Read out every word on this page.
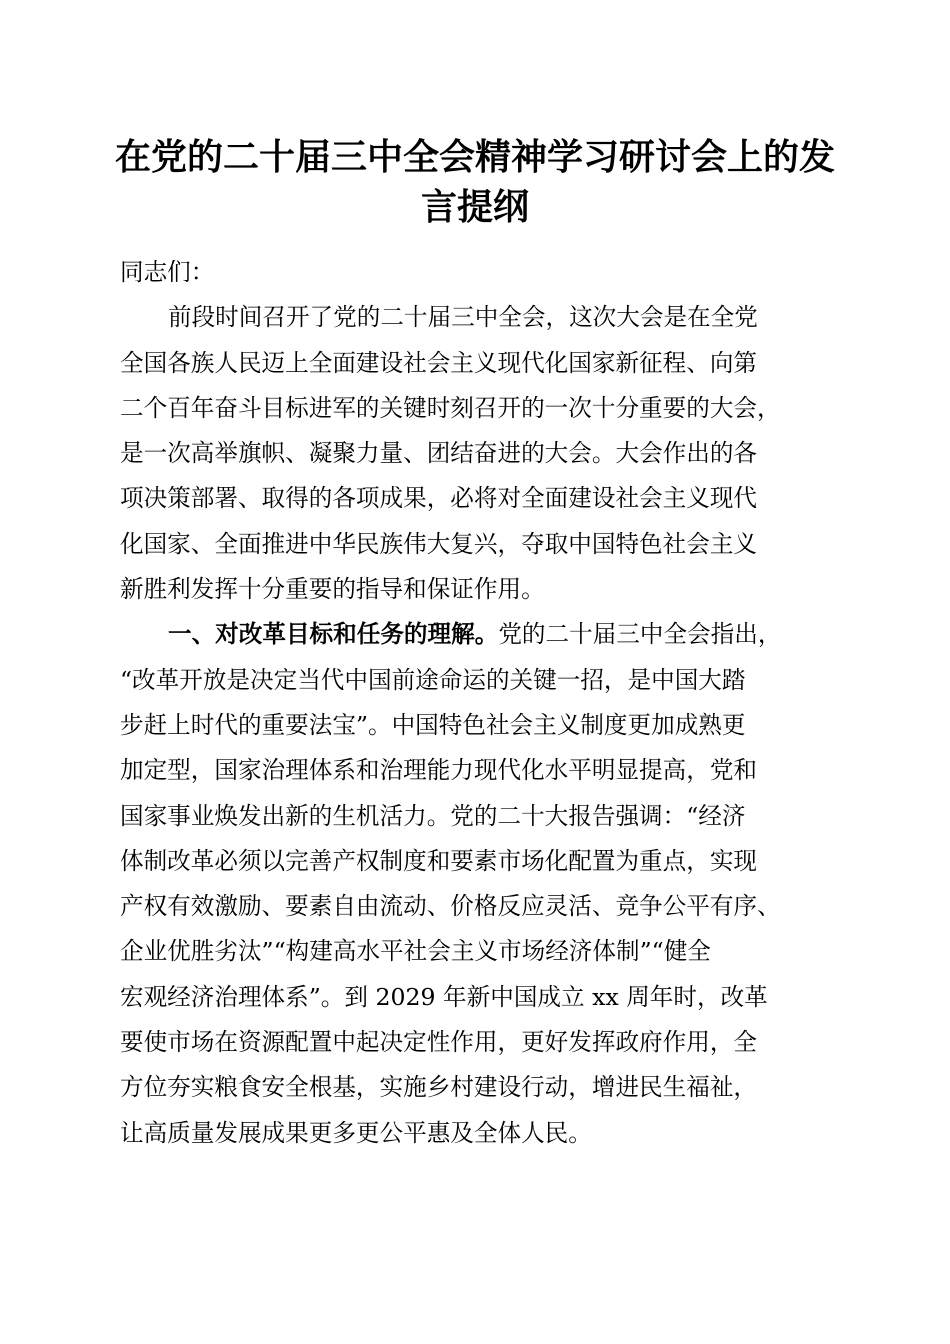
在党的二十届三中全会精神学习研讨会上的发
言提纲
同志们：
前段时间召开了党的二十届三中全会，这次大会是在全党
全国各族人民迈上全面建设社会主义现代化国家新征程、向第
二个百年奋斗目标进军的关键时刻召开的一次十分重要的大会，
是一次高举旗帜、凝聚力量、团结奋进的大会。大会作出的各
项决策部署、取得的各项成果，必将对全面建设社会主义现代
化国家、全面推进中华民族伟大复兴，夺取中国特色社会主义
新胜利发挥十分重要的指导和保证作用。
一、对改革目标和任务的理解。党的二十届三中全会指出，
“改革开放是决定当代中国前途命运的关键一招，是中国大踏
步赶上时代的重要法宝”。中国特色社会主义制度更加成熟更
加定型，国家治理体系和治理能力现代化水平明显提高，党和
国家事业焕发出新的生机活力。党的二十大报告强调：“经济
体制改革必须以完善产权制度和要素市场化配置为重点，实现
产权有效激励、要素自由流动、价格反应灵活、竞争公平有序、
企业优胜劣汰”“构建高水平社会主义市场经济体制”“健全
宏观经济治理体系”。到 2029 年新中国成立 xx 周年时，改革
要使市场在资源配置中起决定性作用，更好发挥政府作用，全
方位夯实粮食安全根基，实施乡村建设行动，增进民生福祉，
让高质量发展成果更多更公平惠及全体人民。
